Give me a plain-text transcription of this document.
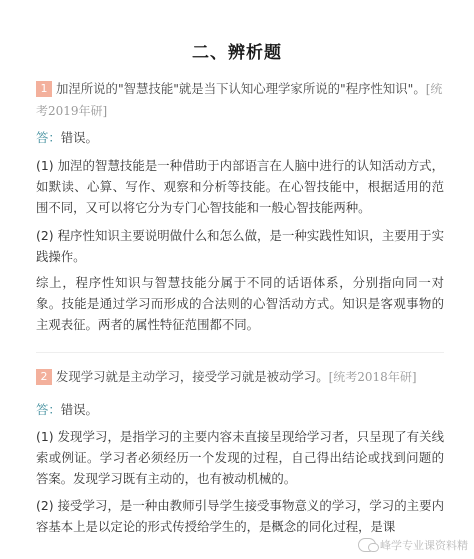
二、辨析题
1 加涅所说的"智慧技能"就是当下认知心理学家所说的"程序性知识"。[统考2019年研]
答：错误。
(1) 加涅的智慧技能是一种借助于内部语言在人脑中进行的认知活动方式，如默读、心算、写作、观察和分析等技能。在心智技能中，根据适用的范围不同，又可以将它分为专门心智技能和一般心智技能两种。
(2) 程序性知识主要说明做什么和怎么做，是一种实践性知识，主要用于实践操作。
综上，程序性知识与智慧技能分属于不同的话语体系，分别指向同一对象。技能是通过学习而形成的合法则的心智活动方式。知识是客观事物的主观表征。两者的属性特征范围都不同。
2 发现学习就是主动学习，接受学习就是被动学习。[统考2018年研]
答：错误。
(1) 发现学习，是指学习的主要内容未直接呈现给学习者，只呈现了有关线索或例证。学习者必须经历一个发现的过程，自己得出结论或找到问题的答案。发现学习既有主动的，也有被动机械的。
(2) 接受学习，是一种由教师引导学生接受事物意义的学习，学习的主要内容基本上是以定论的形式传授给学生的，是概念的同化过程，是课
峰学专业课资料精
